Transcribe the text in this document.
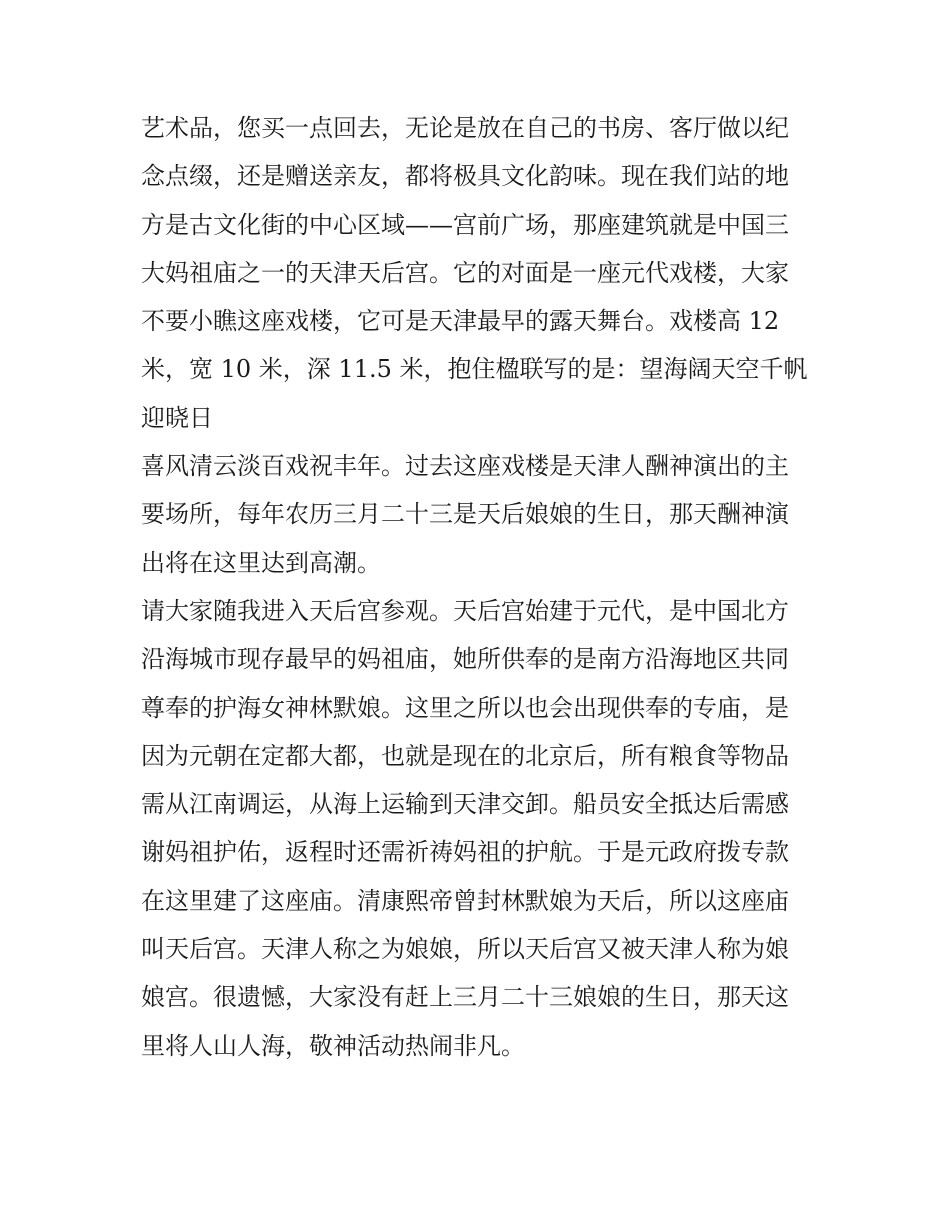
艺术品，您买一点回去，无论是放在自己的书房、客厅做以纪
念点缀，还是赠送亲友，都将极具文化韵味。现在我们站的地
方是古文化街的中心区域——宫前广场，那座建筑就是中国三
大妈祖庙之一的天津天后宫。它的对面是一座元代戏楼，大家
不要小瞧这座戏楼，它可是天津最早的露天舞台。戏楼高 12
米，宽 10 米，深 11.5 米，抱住楹联写的是：望海阔天空千帆
迎晓日
喜风清云淡百戏祝丰年。过去这座戏楼是天津人酬神演出的主
要场所，每年农历三月二十三是天后娘娘的生日，那天酬神演
出将在这里达到高潮。
请大家随我进入天后宫参观。天后宫始建于元代，是中国北方
沿海城市现存最早的妈祖庙，她所供奉的是南方沿海地区共同
尊奉的护海女神林默娘。这里之所以也会出现供奉的专庙，是
因为元朝在定都大都，也就是现在的北京后，所有粮食等物品
需从江南调运，从海上运输到天津交卸。船员安全抵达后需感
谢妈祖护佑，返程时还需祈祷妈祖的护航。于是元政府拨专款
在这里建了这座庙。清康熙帝曾封林默娘为天后，所以这座庙
叫天后宫。天津人称之为娘娘，所以天后宫又被天津人称为娘
娘宫。很遗憾，大家没有赶上三月二十三娘娘的生日，那天这
里将人山人海，敬神活动热闹非凡。
